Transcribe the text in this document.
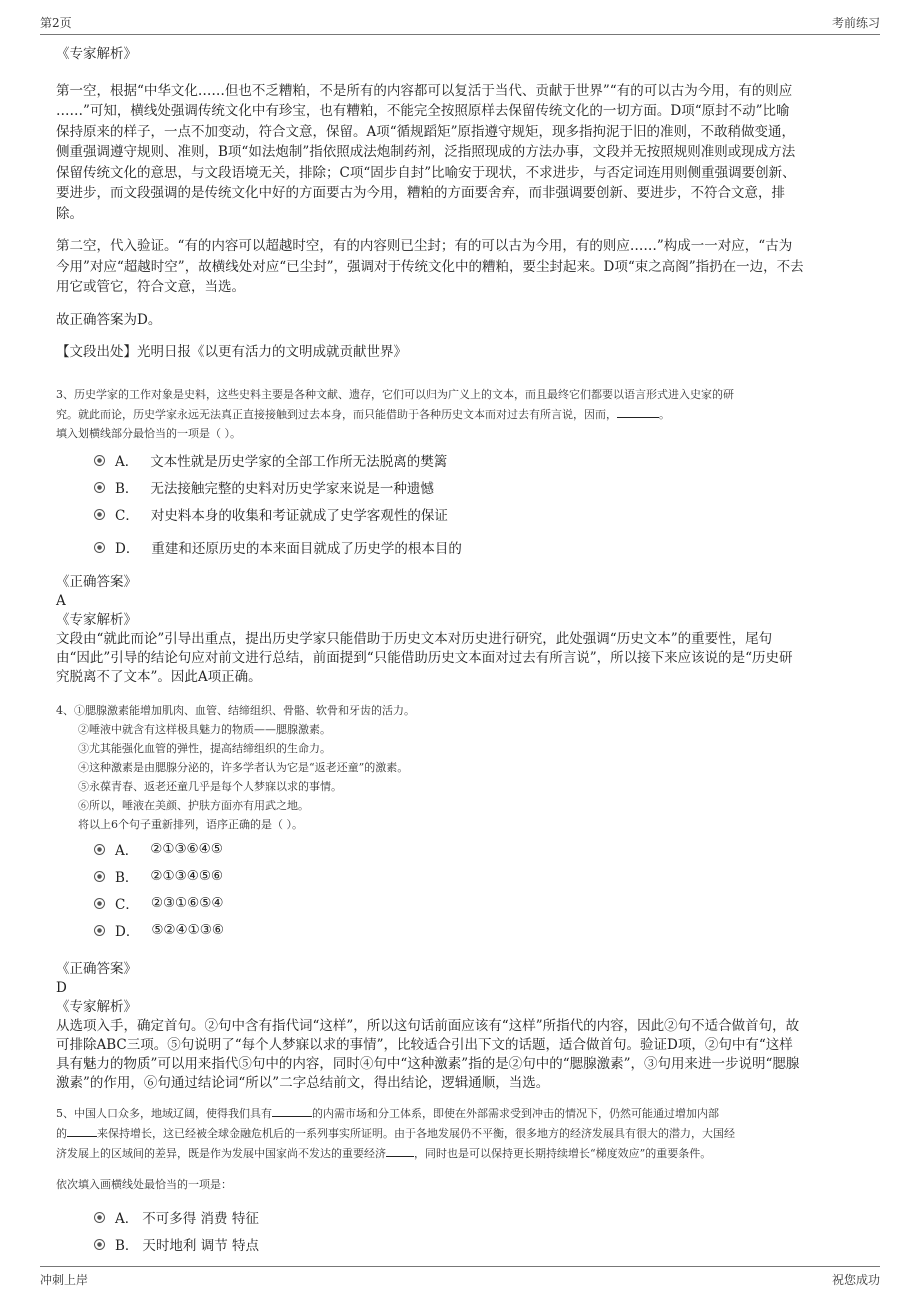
第2页	考前练习

《专家解析》

第一空，根据“中华文化……但也不乏糟粕，不是所有的内容都可以复活于当代、贡献于世界”“有的可以古为今用，有的则应

……”可知，横线处强调传统文化中有珍宝，也有糟粕，不能完全按照原样去保留传统文化的一切方面。D项“原封不动”比喻

保持原来的样子，一点不加变动，符合文意，保留。A项“循规蹈矩”原指遵守规矩，现多指拘泥于旧的准则，不敢稍做变通，

侧重强调遵守规则、准则，B项“如法炮制”指依照成法炮制药剂，泛指照现成的方法办事，文段并无按照规则准则或现成方法

保留传统文化的意思，与文段语境无关，排除；C项“固步自封”比喻安于现状，不求进步，与否定词连用则侧重强调要创新、

要进步，而文段强调的是传统文化中好的方面要古为今用，糟粕的方面要舍弃，而非强调要创新、要进步，不符合文意，排

除。

第二空，代入验证。“有的内容可以超越时空，有的内容则已尘封；有的可以古为今用，有的则应……”构成一一对应，“古为

今用”对应“超越时空”，故横线处对应“已尘封”，强调对于传统文化中的糟粕，要尘封起来。D项“束之高阁”指扔在一边，不去

用它或管它，符合文意，当选。

故正确答案为D。

【文段出处】光明日报《以更有活力的文明成就贡献世界》

3、历史学家的工作对象是史料，这些史料主要是各种文献、遗存，它们可以归为广义上的文本，而且最终它们都要以语言形式进入史家的研

究。就此而论，历史学家永远无法真正直接接触到过去本身，而只能借助于各种历史文本而对过去有所言说，因而，	。

填入划横线部分最恰当的一项是（ ）。

A． 文本性就是历史学家的全部工作所无法脱离的樊篱
B． 无法接触完整的史料对历史学家来说是一种遗憾
C． 对史料本身的收集和考证就成了史学客观性的保证
D． 重建和还原历史的本来面目就成了历史学的根本目的

《正确答案》

A

《专家解析》

文段由“就此而论”引导出重点，提出历史学家只能借助于历史文本对历史进行研究，此处强调“历史文本”的重要性，尾句

由“因此”引导的结论句应对前文进行总结，前面提到“只能借助历史文本面对过去有所言说”，所以接下来应该说的是“历史研

究脱离不了文本”。因此A项正确。

4、①腮腺激素能增加肌肉、血管、结缔组织、骨骼、软骨和牙齿的活力。

②唾液中就含有这样极具魅力的物质——腮腺激素。

③尤其能强化血管的弹性，提高结缔组织的生命力。

④这种激素是由腮腺分泌的，许多学者认为它是“返老还童”的激素。

⑤永葆青春、返老还童几乎是每个人梦寐以求的事情。

⑥所以，唾液在美颜、护肤方面亦有用武之地。

将以上6个句子重新排列，语序正确的是（ ）。

A． ②①③⑥④⑤
B． ②①③④⑤⑥
C． ②③①⑥⑤④
D． ⑤②④①③⑥

《正确答案》

D

《专家解析》

从选项入手，确定首句。②句中含有指代词“这样”，所以这句话前面应该有“这样”所指代的内容，因此②句不适合做首句，故

可排除ABC三项。⑤句说明了“每个人梦寐以求的事情”，比较适合引出下文的话题，适合做首句。验证D项，②句中有“这样

具有魅力的物质”可以用来指代⑤句中的内容，同时④句中“这种激素”指的是②句中的“腮腺激素”，③句用来进一步说明“腮腺

激素”的作用，⑥句通过结论词“所以”二字总结前文，得出结论，逻辑通顺，当选。

5、中国人口众多，地域辽阔，使得我们具有	的内需市场和分工体系，即使在外部需求受到冲击的情况下，仍然可能通过增加内部

的	来保持增长，这已经被全球金融危机后的一系列事实所证明。由于各地发展仍不平衡，很多地方的经济发展具有很大的潜力，大国经

济发展上的区域间的差异，既是作为发展中国家尚不发达的重要经济	，同时也是可以保持更长期持续增长“梯度效应”的重要条件。

依次填入画横线处最恰当的一项是：

A． 不可多得 消费 特征
B． 天时地利 调节 特点
冲刺上岸	祝您成功
